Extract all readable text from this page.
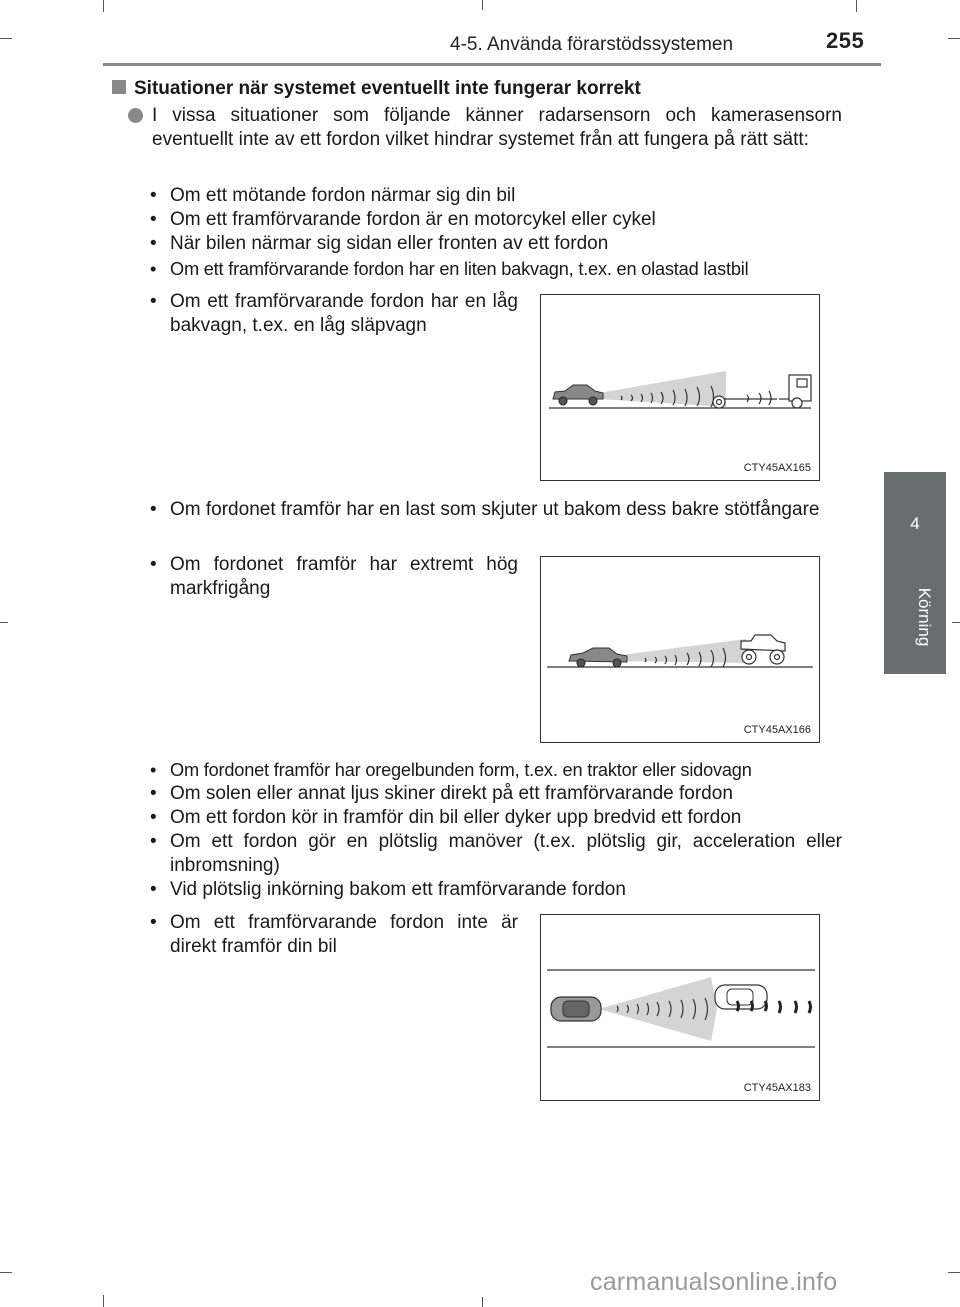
4-5. Använda förarstödssystemen	255
4
Körning
Situationer när systemet eventuellt inte fungerar korrekt
I vissa situationer som följande känner radarsensorn och kamerasensorn eventuellt inte av ett fordon vilket hindrar systemet från att fungera på rätt sätt:
• Om ett mötande fordon närmar sig din bil
• Om ett framförvarande fordon är en motorcykel eller cykel
• När bilen närmar sig sidan eller fronten av ett fordon
• Om ett framförvarande fordon har en liten bakvagn, t.ex. en olastad lastbil
• Om ett framförvarande fordon har en låg bakvagn, t.ex. en låg släpvagn
CTY45AX165
• Om fordonet framför har en last som skjuter ut bakom dess bakre stötfångare
• Om fordonet framför har extremt hög markfrigång
CTY45AX166
• Om fordonet framför har oregelbunden form, t.ex. en traktor eller sidovagn
• Om solen eller annat ljus skiner direkt på ett framförvarande fordon
• Om ett fordon kör in framför din bil eller dyker upp bredvid ett fordon
• Om ett fordon gör en plötslig manöver (t.ex. plötslig gir, acceleration eller inbromsning)
• Vid plötslig inkörning bakom ett framförvarande fordon
• Om ett framförvarande fordon inte är direkt framför din bil
CTY45AX183
carmanualsonline.info
